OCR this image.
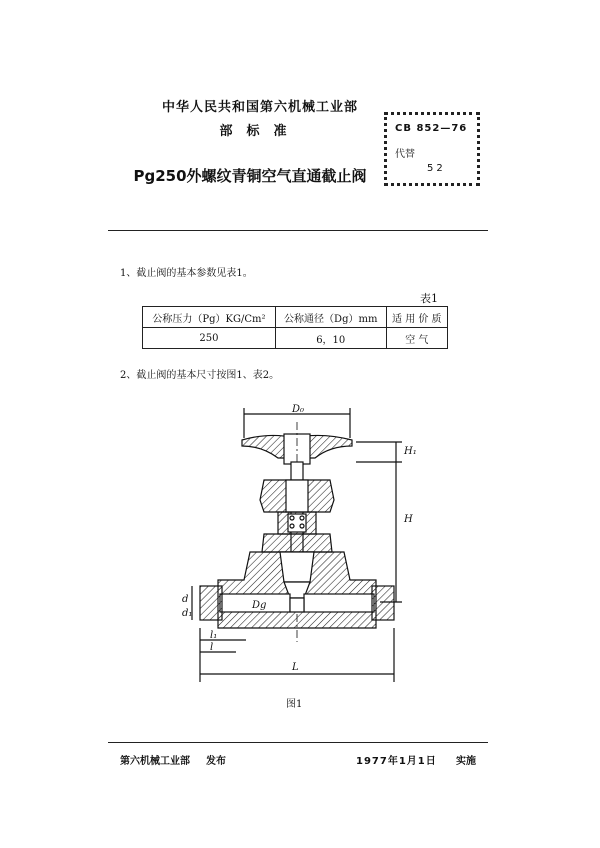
中华人民共和国第六机械工业部
部标准
Pg250外螺纹青铜空气直通截止阀
CB 852—76
代替
52
1、截止阀的基本参数见表1。
表1
公称压力（Pg）KG/Cm²	公称通径（Dg）mm	适 用 价 质
250	6，10	空 气
2、截止阀的基本尺寸按图1、表2。
D₀
H
H₁
L
d
d₁
l₁
l
Dg
图1
第六机械工业部 发布	1977年1月1日 实施
